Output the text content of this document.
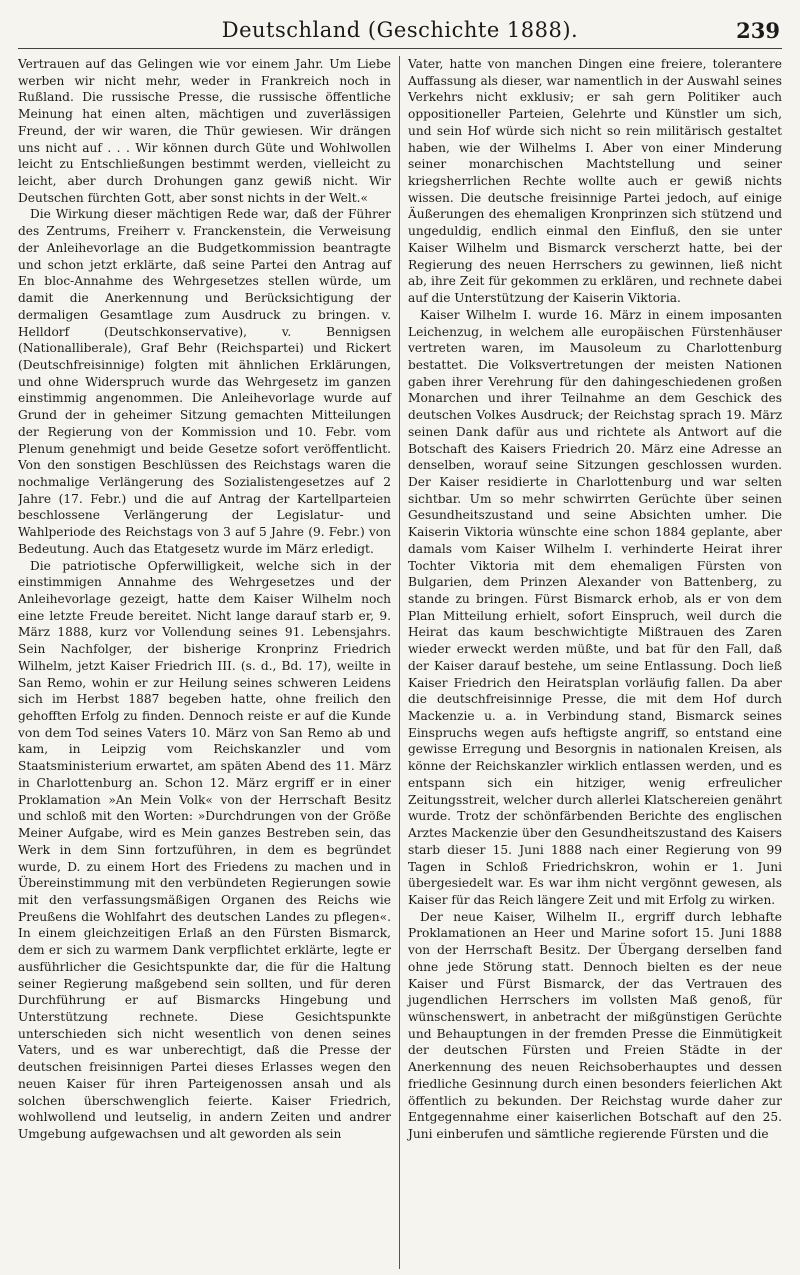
Deutschland (Geschichte 1888).	239

Vertrauen auf das Gelingen wie vor einem Jahr. Um Liebe werben wir nicht mehr, weder in Frankreich noch in Rußland. Die russische Presse, die russische öffentliche Meinung hat einen alten, mächtigen und zuverlässigen Freund, der wir waren, die Thür gewiesen. Wir drängen uns nicht auf . . . Wir können durch Güte und Wohlwollen leicht zu Entschließungen bestimmt werden, vielleicht zu leicht, aber durch Drohungen ganz gewiß nicht. Wir Deutschen fürchten Gott, aber sonst nichts in der Welt.«

Die Wirkung dieser mächtigen Rede war, daß der Führer des Zentrums, Freiherr v. Franckenstein, die Verweisung der Anleihevorlage an die Budgetkommission beantragte und schon jetzt erklärte, daß seine Partei den Antrag auf En bloc-Annahme des Wehrgesetzes stellen würde, um damit die Anerkennung und Berücksichtigung der dermaligen Gesamtlage zum Ausdruck zu bringen. v. Helldorf (Deutschkonservative), v. Bennigsen (Nationalliberale), Graf Behr (Reichspartei) und Rickert (Deutschfreisinnige) folgten mit ähnlichen Erklärungen, und ohne Widerspruch wurde das Wehrgesetz im ganzen einstimmig angenommen. Die Anleihevorlage wurde auf Grund der in geheimer Sitzung gemachten Mitteilungen der Regierung von der Kommission und 10. Febr. vom Plenum genehmigt und beide Gesetze sofort veröffentlicht. Von den sonstigen Beschlüssen des Reichstags waren die nochmalige Verlängerung des Sozialistengesetzes auf 2 Jahre (17. Febr.) und die auf Antrag der Kartellparteien beschlossene Verlängerung der Legislatur- und Wahlperiode des Reichstags von 3 auf 5 Jahre (9. Febr.) von Bedeutung. Auch das Etatgesetz wurde im März erledigt.

Die patriotische Opferwilligkeit, welche sich in der einstimmigen Annahme des Wehrgesetzes und der Anleihevorlage gezeigt, hatte dem Kaiser Wilhelm noch eine letzte Freude bereitet. Nicht lange darauf starb er, 9. März 1888, kurz vor Vollendung seines 91. Lebensjahrs. Sein Nachfolger, der bisherige Kronprinz Friedrich Wilhelm, jetzt Kaiser Friedrich III. (s. d., Bd. 17), weilte in San Remo, wohin er zur Heilung seines schweren Leidens sich im Herbst 1887 begeben hatte, ohne freilich den gehofften Erfolg zu finden. Dennoch reiste er auf die Kunde von dem Tod seines Vaters 10. März von San Remo ab und kam, in Leipzig vom Reichskanzler und vom Staatsministerium erwartet, am späten Abend des 11. März in Charlottenburg an. Schon 12. März ergriff er in einer Proklamation »An Mein Volk« von der Herrschaft Besitz und schloß mit den Worten: »Durchdrungen von der Größe Meiner Aufgabe, wird es Mein ganzes Bestreben sein, das Werk in dem Sinn fortzuführen, in dem es begründet wurde, D. zu einem Hort des Friedens zu machen und in Übereinstimmung mit den verbündeten Regierungen sowie mit den verfassungsmäßigen Organen des Reichs wie Preußens die Wohlfahrt des deutschen Landes zu pflegen«. In einem gleichzeitigen Erlaß an den Fürsten Bismarck, dem er sich zu warmem Dank verpflichtet erklärte, legte er ausführlicher die Gesichtspunkte dar, die für die Haltung seiner Regierung maßgebend sein sollten, und für deren Durchführung er auf Bismarcks Hingebung und Unterstützung rechnete. Diese Gesichtspunkte unterschieden sich nicht wesentlich von denen seines Vaters, und es war unberechtigt, daß die Presse der deutschen freisinnigen Partei dieses Erlasses wegen den neuen Kaiser für ihren Parteigenossen ansah und als solchen überschwenglich feierte. Kaiser Friedrich, wohlwollend und leutselig, in andern Zeiten und andrer Umgebung aufgewachsen und alt geworden als sein

Vater, hatte von manchen Dingen eine freiere, tolerantere Auffassung als dieser, war namentlich in der Auswahl seines Verkehrs nicht exklusiv; er sah gern Politiker auch oppositioneller Parteien, Gelehrte und Künstler um sich, und sein Hof würde sich nicht so rein militärisch gestaltet haben, wie der Wilhelms I. Aber von einer Minderung seiner monarchischen Machtstellung und seiner kriegsherrlichen Rechte wollte auch er gewiß nichts wissen. Die deutsche freisinnige Partei jedoch, auf einige Äußerungen des ehemaligen Kronprinzen sich stützend und ungeduldig, endlich einmal den Einfluß, den sie unter Kaiser Wilhelm und Bismarck verscherzt hatte, bei der Regierung des neuen Herrschers zu gewinnen, ließ nicht ab, ihre Zeit für gekommen zu erklären, und rechnete dabei auf die Unterstützung der Kaiserin Viktoria.

Kaiser Wilhelm I. wurde 16. März in einem imposanten Leichenzug, in welchem alle europäischen Fürstenhäuser vertreten waren, im Mausoleum zu Charlottenburg bestattet. Die Volksvertretungen der meisten Nationen gaben ihrer Verehrung für den dahingeschiedenen großen Monarchen und ihrer Teilnahme an dem Geschick des deutschen Volkes Ausdruck; der Reichstag sprach 19. März seinen Dank dafür aus und richtete als Antwort auf die Botschaft des Kaisers Friedrich 20. März eine Adresse an denselben, worauf seine Sitzungen geschlossen wurden. Der Kaiser residierte in Charlottenburg und war selten sichtbar. Um so mehr schwirrten Gerüchte über seinen Gesundheitszustand und seine Absichten umher. Die Kaiserin Viktoria wünschte eine schon 1884 geplante, aber damals vom Kaiser Wilhelm I. verhinderte Heirat ihrer Tochter Viktoria mit dem ehemaligen Fürsten von Bulgarien, dem Prinzen Alexander von Battenberg, zu stande zu bringen. Fürst Bismarck erhob, als er von dem Plan Mitteilung erhielt, sofort Einspruch, weil durch die Heirat das kaum beschwichtigte Mißtrauen des Zaren wieder erweckt werden müßte, und bat für den Fall, daß der Kaiser darauf bestehe, um seine Entlassung. Doch ließ Kaiser Friedrich den Heiratsplan vorläufig fallen. Da aber die deutschfreisinnige Presse, die mit dem Hof durch Mackenzie u. a. in Verbindung stand, Bismarck seines Einspruchs wegen aufs heftigste angriff, so entstand eine gewisse Erregung und Besorgnis in nationalen Kreisen, als könne der Reichskanzler wirklich entlassen werden, und es entspann sich ein hitziger, wenig erfreulicher Zeitungsstreit, welcher durch allerlei Klatschereien genährt wurde. Trotz der schönfärbenden Berichte des englischen Arztes Mackenzie über den Gesundheitszustand des Kaisers starb dieser 15. Juni 1888 nach einer Regierung von 99 Tagen in Schloß Friedrichskron, wohin er 1. Juni übergesiedelt war. Es war ihm nicht vergönnt gewesen, als Kaiser für das Reich längere Zeit und mit Erfolg zu wirken.

Der neue Kaiser, Wilhelm II., ergriff durch lebhafte Proklamationen an Heer und Marine sofort 15. Juni 1888 von der Herrschaft Besitz. Der Übergang derselben fand ohne jede Störung statt. Dennoch bielten es der neue Kaiser und Fürst Bismarck, der das Vertrauen des jugendlichen Herrschers im vollsten Maß genoß, für wünschenswert, in anbetracht der mißgünstigen Gerüchte und Behauptungen in der fremden Presse die Einmütigkeit der deutschen Fürsten und Freien Städte in der Anerkennung des neuen Reichsoberhauptes und dessen friedliche Gesinnung durch einen besonders feierlichen Akt öffentlich zu bekunden. Der Reichstag wurde daher zur Entgegennahme einer kaiserlichen Botschaft auf den 25. Juni einberufen und sämtliche regierende Fürsten und die
